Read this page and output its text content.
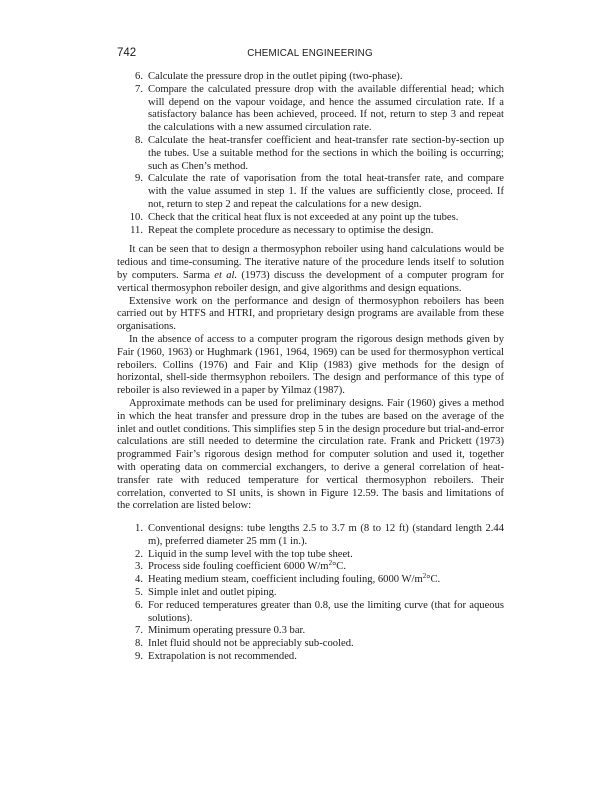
742	CHEMICAL ENGINEERING
6. Calculate the pressure drop in the outlet piping (two-phase).
7. Compare the calculated pressure drop with the available differential head; which will depend on the vapour voidage, and hence the assumed circulation rate. If a satisfactory balance has been achieved, proceed. If not, return to step 3 and repeat the calculations with a new assumed circulation rate.
8. Calculate the heat-transfer coefficient and heat-transfer rate section-by-section up the tubes. Use a suitable method for the sections in which the boiling is occurring; such as Chen’s method.
9. Calculate the rate of vaporisation from the total heat-transfer rate, and compare with the value assumed in step 1. If the values are sufficiently close, proceed. If not, return to step 2 and repeat the calculations for a new design.
10. Check that the critical heat flux is not exceeded at any point up the tubes.
11. Repeat the complete procedure as necessary to optimise the design.

It can be seen that to design a thermosyphon reboiler using hand calculations would be tedious and time-consuming. The iterative nature of the procedure lends itself to solution by computers. Sarma et al. (1973) discuss the development of a computer program for vertical thermosyphon reboiler design, and give algorithms and design equations.

Extensive work on the performance and design of thermosyphon reboilers has been carried out by HTFS and HTRI, and proprietary design programs are available from these organisations.

In the absence of access to a computer program the rigorous design methods given by Fair (1960, 1963) or Hughmark (1961, 1964, 1969) can be used for thermosyphon vertical reboilers. Collins (1976) and Fair and Klip (1983) give methods for the design of horizontal, shell-side thermsyphon reboilers. The design and performance of this type of reboiler is also reviewed in a paper by Yilmaz (1987).

Approximate methods can be used for preliminary designs. Fair (1960) gives a method in which the heat transfer and pressure drop in the tubes are based on the average of the inlet and outlet conditions. This simplifies step 5 in the design procedure but trial-and-error calculations are still needed to determine the circulation rate. Frank and Prickett (1973) programmed Fair’s rigorous design method for computer solution and used it, together with operating data on commercial exchangers, to derive a general correlation of heat-transfer rate with reduced temperature for vertical thermosyphon reboilers. Their correlation, converted to SI units, is shown in Figure 12.59. The basis and limitations of the correlation are listed below:

1. Conventional designs: tube lengths 2.5 to 3.7 m (8 to 12 ft) (standard length 2.44 m), preferred diameter 25 mm (1 in.).
2. Liquid in the sump level with the top tube sheet.
3. Process side fouling coefficient 6000 $W/m^2^\circ C$.
4. Heating medium steam, coefficient including fouling, 6000 $W/m^2^\circ C$.
5. Simple inlet and outlet piping.
6. For reduced temperatures greater than 0.8, use the limiting curve (that for aqueous solutions).
7. Minimum operating pressure 0.3 bar.
8. Inlet fluid should not be appreciably sub-cooled.
9. Extrapolation is not recommended.
